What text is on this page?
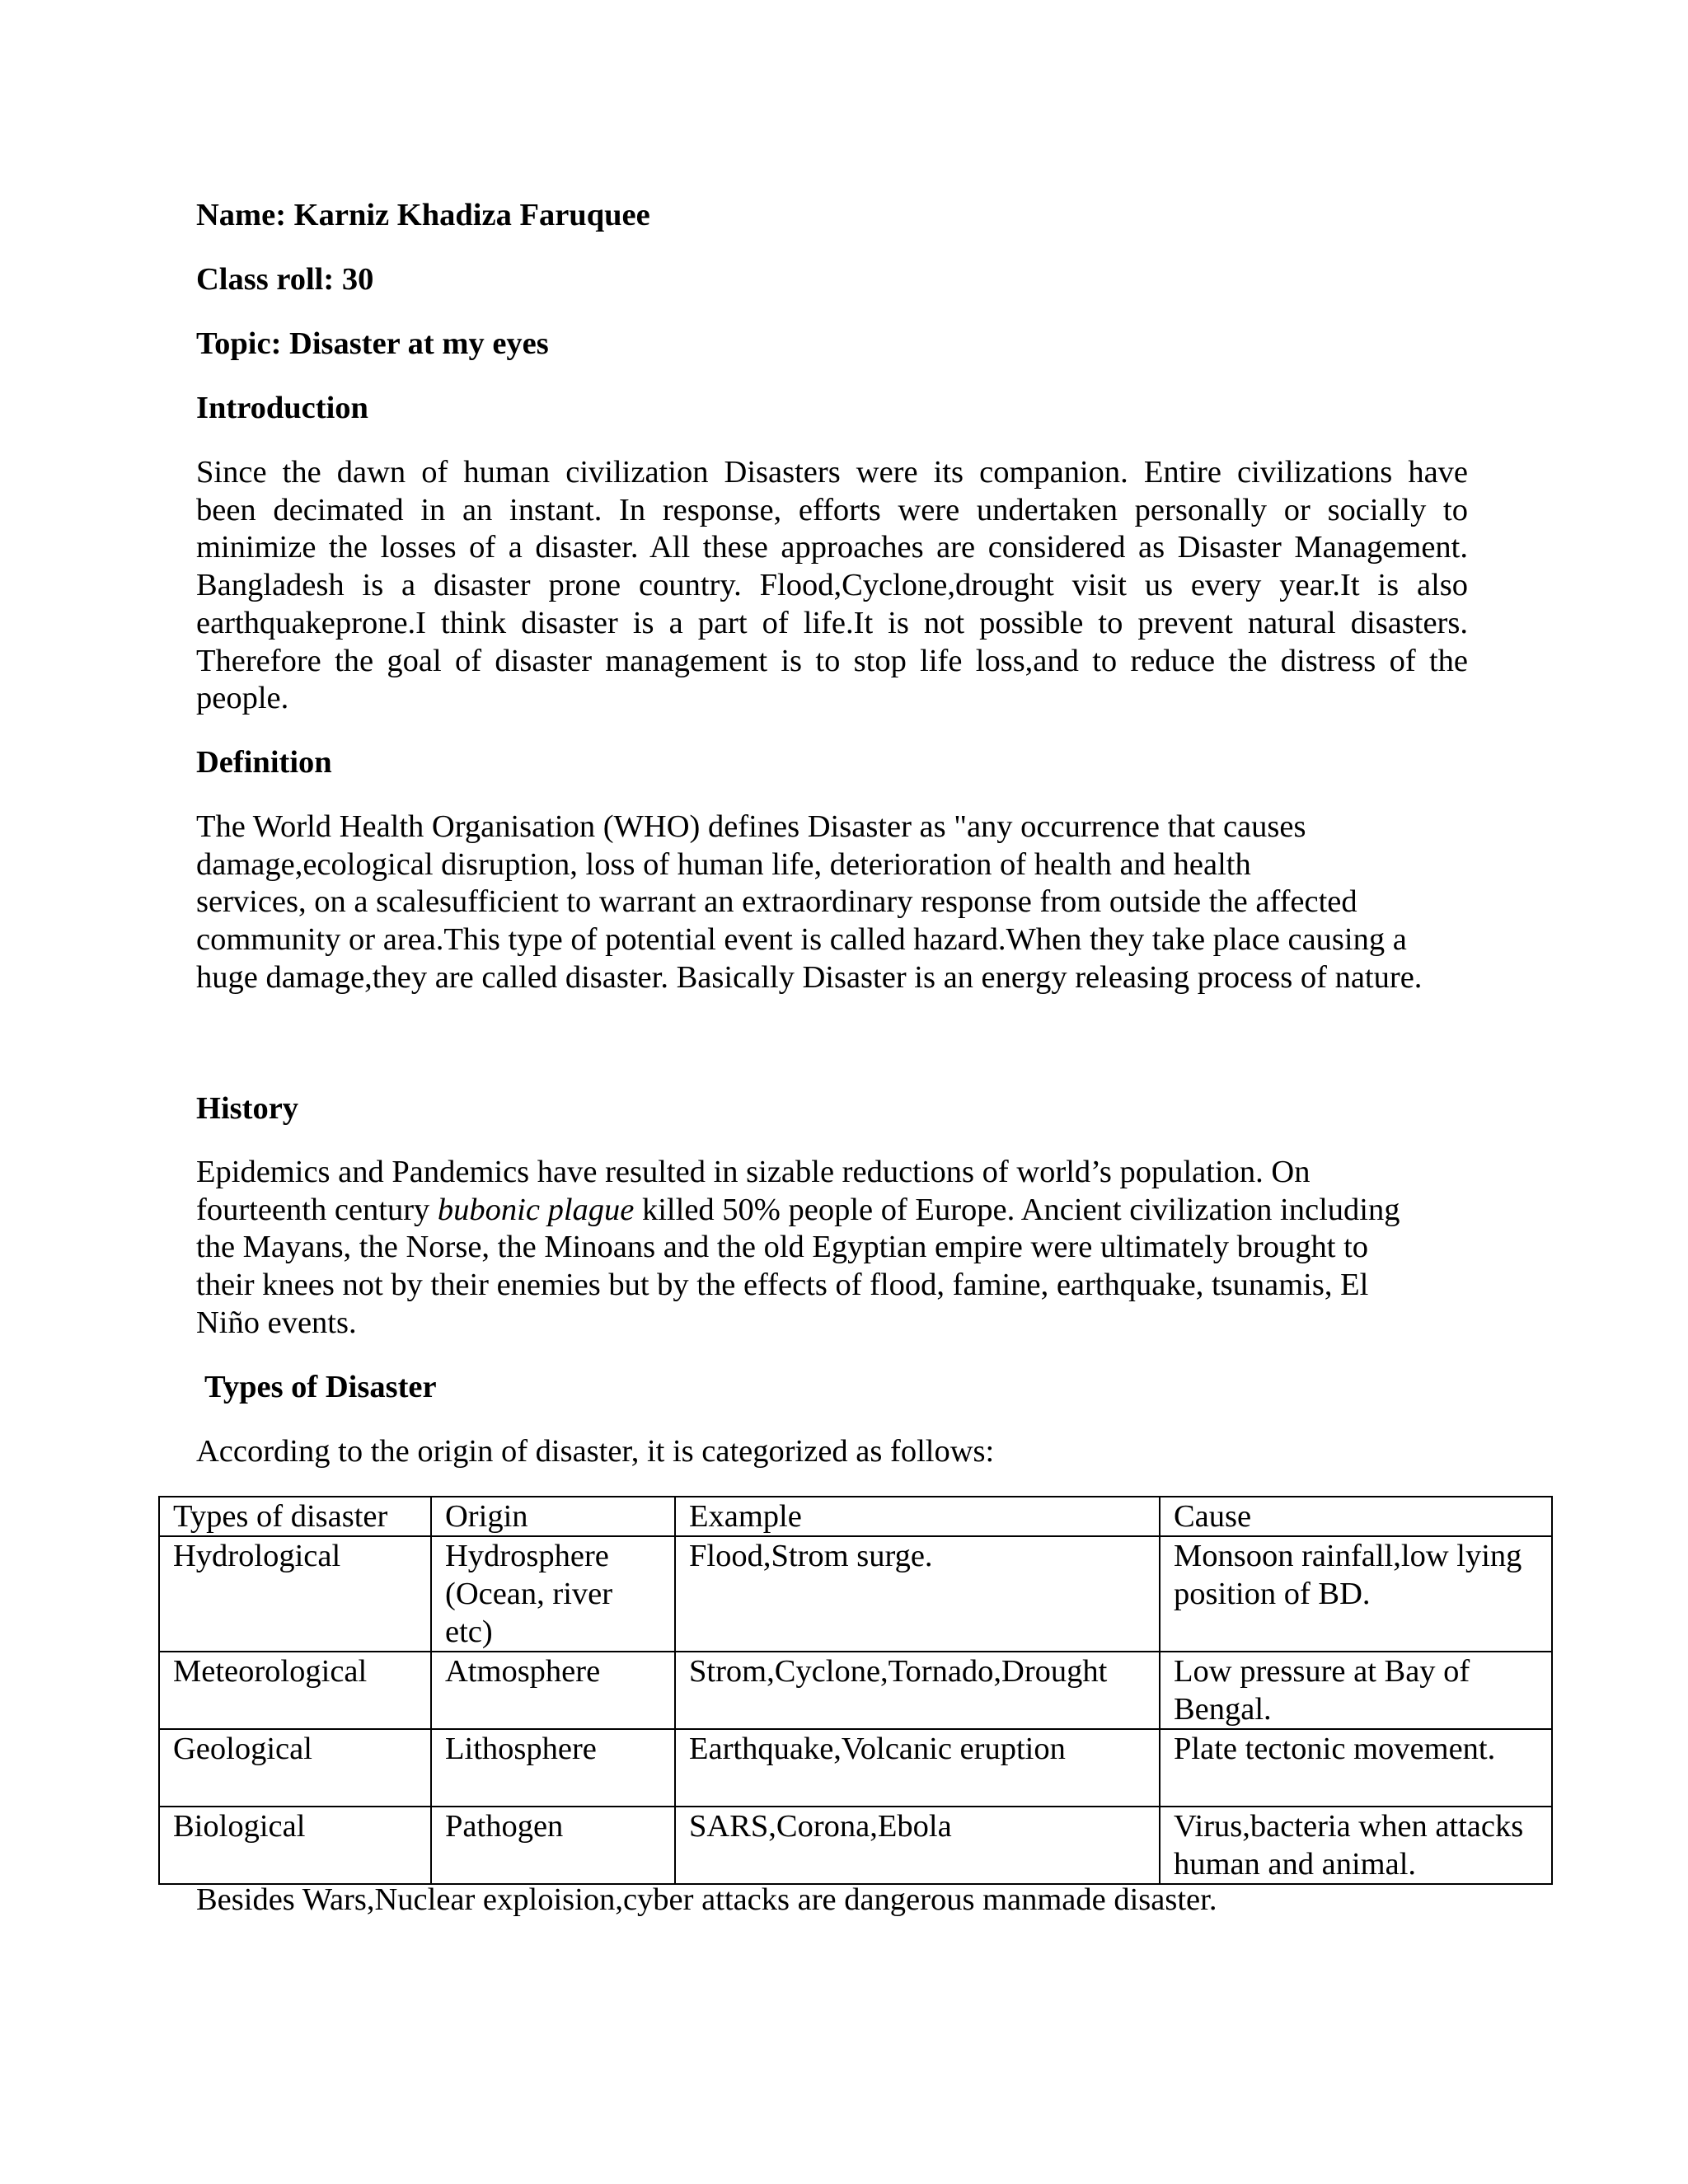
Name: Karniz Khadiza Faruquee

Class roll: 30

Topic: Disaster at my eyes

Introduction

Since the dawn of human civilization Disasters were its companion. Entire civilizations have
been decimated in an instant. In response, efforts were undertaken personally or socially to
minimize the losses of a disaster. All these approaches are considered as Disaster Management.
Bangladesh is a disaster prone country. Flood,Cyclone,drought visit us every year.It is also
earthquakeprone.I think disaster is a part of life.It is not possible to prevent natural disasters.
Therefore the goal of disaster management is to stop life loss,and to reduce the distress of the
people.

Definition

The World Health Organisation (WHO) defines Disaster as "any occurrence that causes
damage,ecological disruption, loss of human life, deterioration of health and health
services, on a scalesufficient to warrant an extraordinary response from outside the affected
community or area.This type of potential event is called hazard.When they take place causing a
huge damage,they are called disaster. Basically Disaster is an energy releasing process of nature.

History

Epidemics and Pandemics have resulted in sizable reductions of world’s population. On
fourteenth century bubonic plague killed 50% people of Europe. Ancient civilization including
the Mayans, the Norse, the Minoans and the old Egyptian empire were ultimately brought to
their knees not by their enemies but by the effects of flood, famine, earthquake, tsunamis, El
Niño events.

Types of Disaster

According to the origin of disaster, it is categorized as follows:

Types of disaster	Origin	Example	Cause
Hydrological	Hydrosphere (Ocean, river etc)	Flood,Strom surge.	Monsoon rainfall,low lying position of BD.
Meteorological	Atmosphere	Strom,Cyclone,Tornado,Drought	Low pressure at Bay of Bengal.
Geological	Lithosphere	Earthquake,Volcanic eruption	Plate tectonic movement.
Biological	Pathogen	SARS,Corona,Ebola	Virus,bacteria when attacks human and animal.

Besides Wars,Nuclear exploision,cyber attacks are dangerous manmade disaster.
